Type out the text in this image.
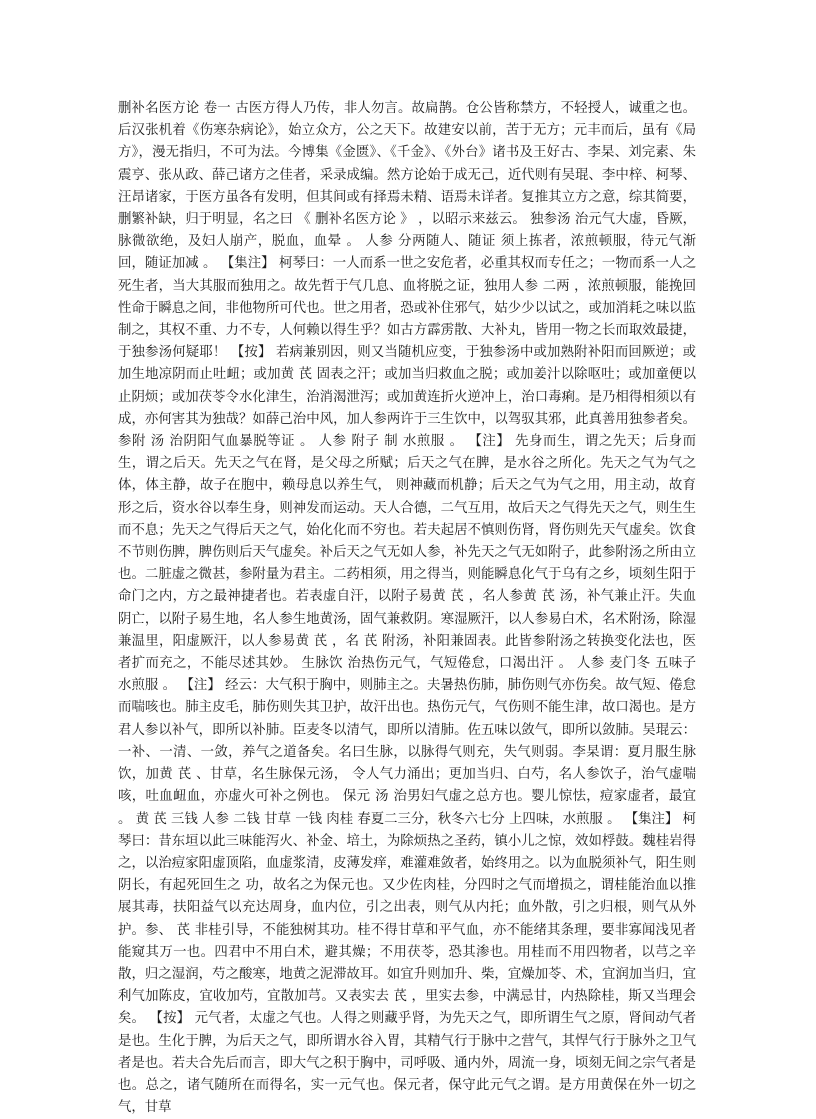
删补名医方论 卷一 古医方得人乃传，非人勿言。故扁鹊。仓公皆称禁方，不轻授人，诚重之也。后汉张机着《伤寒杂病论》，始立众方，公之天下。故建安以前，苦于无方；元丰而后，虽有《局方》，漫无指归，不可为法。今博集《金匮》、《千金》、《外台》诸书及王好古、李杲、刘完素、朱震亨、张从政、薛己诸方之佳者，采录成编。然方论始于成无己，近代则有吴琨、李中梓、柯琴、汪昂诸家，于医方虽各有发明，但其间或有择焉未精、语焉未详者。复推其立方之意，综其简要，删繁补缺，归于明显，名之曰 《 删补名医方论 》 ，以昭示来兹云。 独参汤 治元气大虚，昏厥，脉微欲绝，及妇人崩产，脱血，血晕 。 人参 分两随人、随证 须上拣者，浓煎顿服，待元气渐回，随证加减 。 【集注】 柯琴曰：一人而系一世之安危者，必重其权而专任之；一物而系一人之死生者，当大其服而独用之。故先哲于气几息、血将脱之证，独用人参 二两 ，浓煎顿服，能挽回性命于瞬息之间，非他物所可代也。世之用者，恐或补住邪气，姑少少以试之，或加消耗之味以监制之，其权不重、力不专，人何赖以得生乎？如古方霹雳散、大补丸，皆用一物之长而取效最捷，于独参汤何疑耶！ 【按】 若病兼别因，则又当随机应变，于独参汤中或加熟附补阳而回厥逆；或加生地凉阴而止吐衄；或加黄 芪 固表之汗；或加当归救血之脱；或加姜汁以除呕吐；或加童便以止阴烦；或加茯苓令水化津生，治消渴泄泻；或加黄连折火逆冲上，治口毒痢。是乃相得相须以有成，亦何害其为独哉？如薛己治中风，加人参两许于三生饮中，以驾驭其邪，此真善用独参者矣。 参附 汤 治阴阳气血暴脱等证 。 人参 附子 制 水煎服 。 【注】 先身而生，谓之先天；后身而生，谓之后天。先天之气在肾，是父母之所赋；后天之气在脾，是水谷之所化。先天之气为气之体，体主静，故子在胞中，赖母息以养生气， 则神藏而机静；后天之气为气之用，用主动，故育形之后，资水谷以奉生身，则神发而运动。天人合德，二气互用，故后天之气得先天之气，则生生而不息；先天之气得后天之气，始化化而不穷也。若夫起居不慎则伤肾，肾伤则先天气虚矣。饮食不节则伤脾，脾伤则后天气虚矣。补后天之气无如人参，补先天之气无如附子，此参附汤之所由立也。二脏虚之微甚，参附量为君主。二药相须，用之得当，则能瞬息化气于乌有之乡，顷刻生阳于命门之内，方之最神捷者也。若表虚自汗，以附子易黄 芪 ，名人参黄 芪 汤，补气兼止汗。失血阴亡，以附子易生地，名人参生地黄汤，固气兼救阴。寒湿厥汗，以人参易白术，名术附汤，除湿兼温里，阳虚厥汗，以人参易黄 芪 ，名 芪 附汤，补阳兼固表。此皆参附汤之转换变化法也，医者扩而充之，不能尽述其妙。 生脉饮 治热伤元气，气短倦怠，口渴出汗 。 人参 麦门冬 五味子 水煎服 。 【注】 经云：大气积于胸中，则肺主之。夫暑热伤肺，肺伤则气亦伤矣。故气短、倦怠而喘咳也。肺主皮毛，肺伤则失其卫护，故汗出也。热伤元气，气伤则不能生津，故口渴也。是方君人参以补气，即所以补肺。臣麦冬以清气，即所以清肺。佐五味以敛气，即所以敛肺。吴琨云：一补、一清、一敛，养气之道备矣。名曰生脉，以脉得气则充，失气则弱。李杲谓：夏月服生脉饮，加黄 芪 、甘草，名生脉保元汤， 令人气力涌出；更加当归、白芍，名人参饮子，治气虚喘咳，吐血衄血，亦虚火可补之例也。 保元 汤 治男妇气虚之总方也。婴儿惊怯，痘家虚者，最宜 。 黄 芪 三钱 人参 二钱 甘草 一钱 肉桂 春夏二三分，秋冬六七分 上四味，水煎服 。 【集注】 柯琴曰：昔东垣以此三味能泻火、补金、培土，为除烦热之圣药，镇小儿之惊，效如桴鼓。魏桂岩得之，以治痘家阳虚顶陷，血虚浆清，皮薄发痒，难灌难敛者，始终用之。以为血脱须补气，阳生则阴长，有起死回生之 功，故名之为保元也。又少佐肉桂，分四时之气而增损之，谓桂能治血以推展其毒，扶阳益气以充达周身，血内位，引之出表，则气从内托；血外散，引之归根，则气从外护。参、 芪 非桂引导，不能独树其功。桂不得甘草和平气血，亦不能绪其条理，要非寡闻浅见者能窥其万一也。四君中不用白术，避其燥；不用茯苓，恐其渗也。用桂而不用四物者，以芎之辛散，归之湿润，芍之酸寒，地黄之泥滞故耳。如宜升则加升、柴，宜燥加苓、术，宜润加当归，宜利气加陈皮，宜收加芍，宜散加芎。又表实去 芪 ，里实去参，中满忌甘，内热除桂，斯又当理会矣。 【按】 元气者，太虚之气也。人得之则藏乎肾，为先天之气，即所谓生气之原，肾间动气者是也。生化于脾，为后天之气，即所谓水谷入胃，其精气行于脉中之营气，其悍气行于脉外之卫气者是也。若夫合先后而言，即大气之积于胸中，司呼吸、通内外，周流一身，顷刻无间之宗气者是也。总之，诸气随所在而得名，实一元气也。保元者，保守此元气之谓。是方用黄保在外一切之气，甘草
